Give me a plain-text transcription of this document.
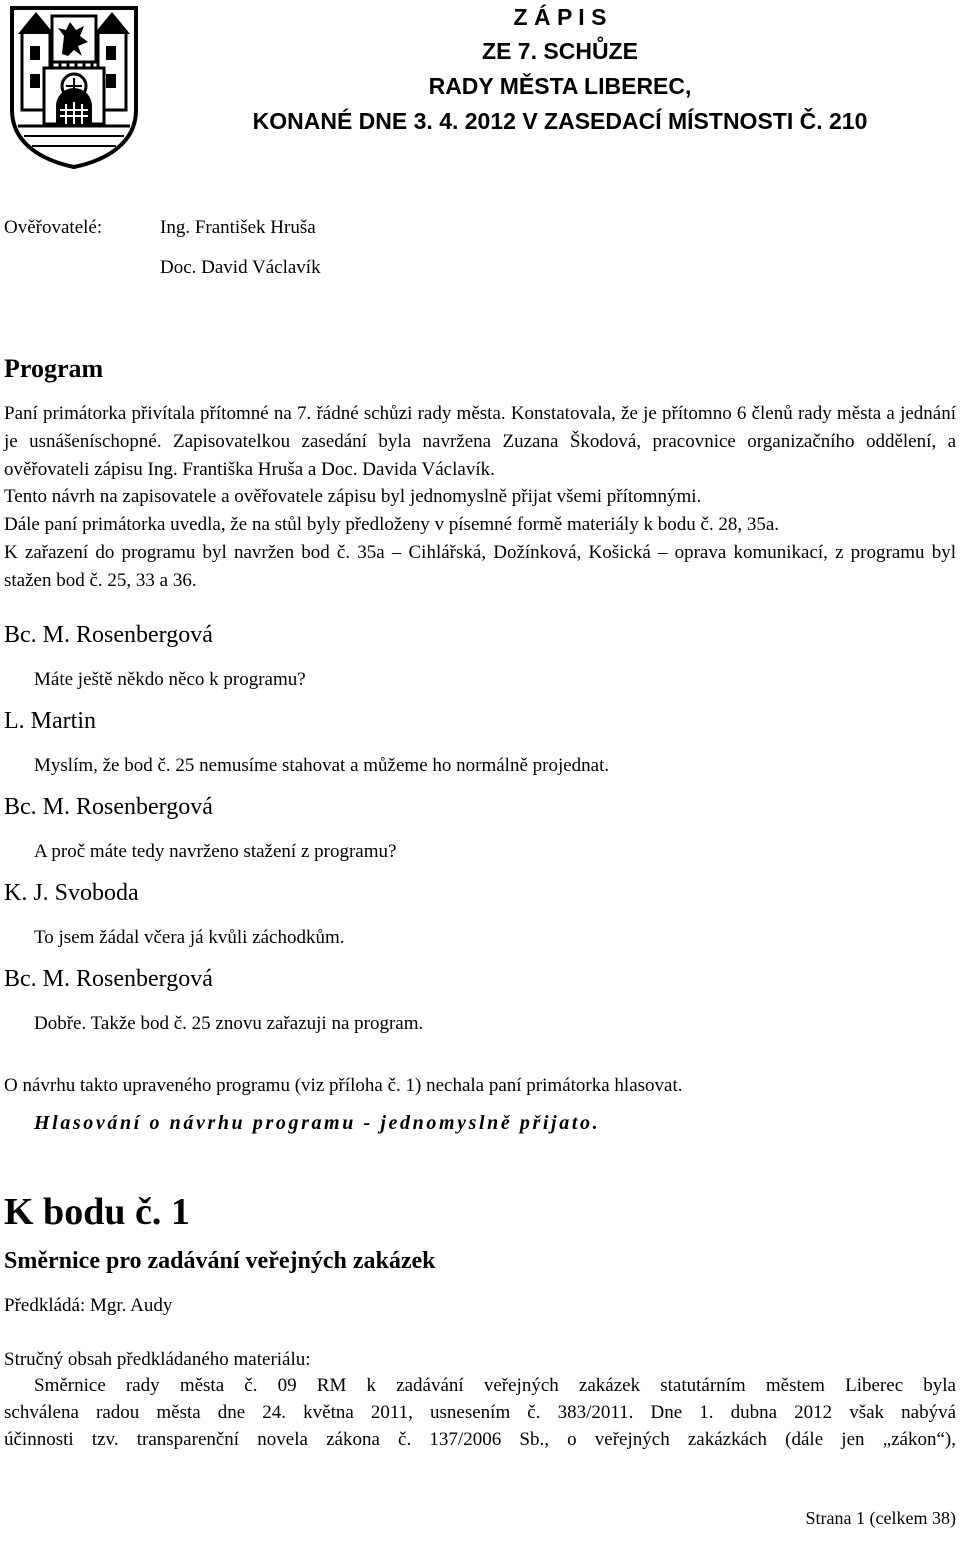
Z Á P I S
ZE 7. SCHŮZE
RADY MĚSTA LIBEREC,
KONANÉ DNE 3. 4. 2012 V ZASEDACÍ MÍSTNOSTI Č. 210
Ověřovatelé:	Ing. František Hruša
Doc. David Václavík
Program

Paní primátorka přivítala přítomné na 7. řádné schůzi rady města. Konstatovala, že je přítomno 6 členů rady města a jednání je usnášeníschopné. Zapisovatelkou zasedání byla navržena Zuzana Škodová, pracovnice organizačního oddělení, a ověřovateli zápisu Ing. Františka Hruša a Doc. Davida Václavík.

Tento návrh na zapisovatele a ověřovatele zápisu byl jednomyslně přijat všemi přítomnými.

Dále paní primátorka uvedla, že na stůl byly předloženy v písemné formě materiály k bodu č. 28, 35a.

K zařazení do programu byl navržen bod č. 35a – Cihlářská, Dožínková, Košická – oprava komunikací, z programu byl stažen bod č. 25, 33 a 36.

Bc. M. Rosenbergová
Máte ještě někdo něco k programu?
L. Martin
Myslím, že bod č. 25 nemusíme stahovat a můžeme ho normálně projednat.
Bc. M. Rosenbergová
A proč máte tedy navrženo stažení z programu?
K. J. Svoboda
To jsem žádal včera já kvůli záchodkům.
Bc. M. Rosenbergová
Dobře. Takže bod č. 25 znovu zařazuji na program.
O návrhu takto upraveného programu (viz příloha č. 1) nechala paní primátorka hlasovat.
Hlasování o návrhu programu - jednomyslně přijato.
K bodu č. 1
Směrnice pro zadávání veřejných zakázek
Předkládá: Mgr. Audy
Stručný obsah předkládaného materiálu:
Směrnice rady města č. 09 RM k zadávání veřejných zakázek statutárním městem Liberec byla
schválena radou města dne 24. května 2011, usnesením č. 383/2011. Dne 1. dubna 2012 však nabývá
účinnosti tzv. transparenční novela zákona č. 137/2006 Sb., o veřejných zakázkách (dále jen „zákon“),
Strana 1 (celkem 38)
